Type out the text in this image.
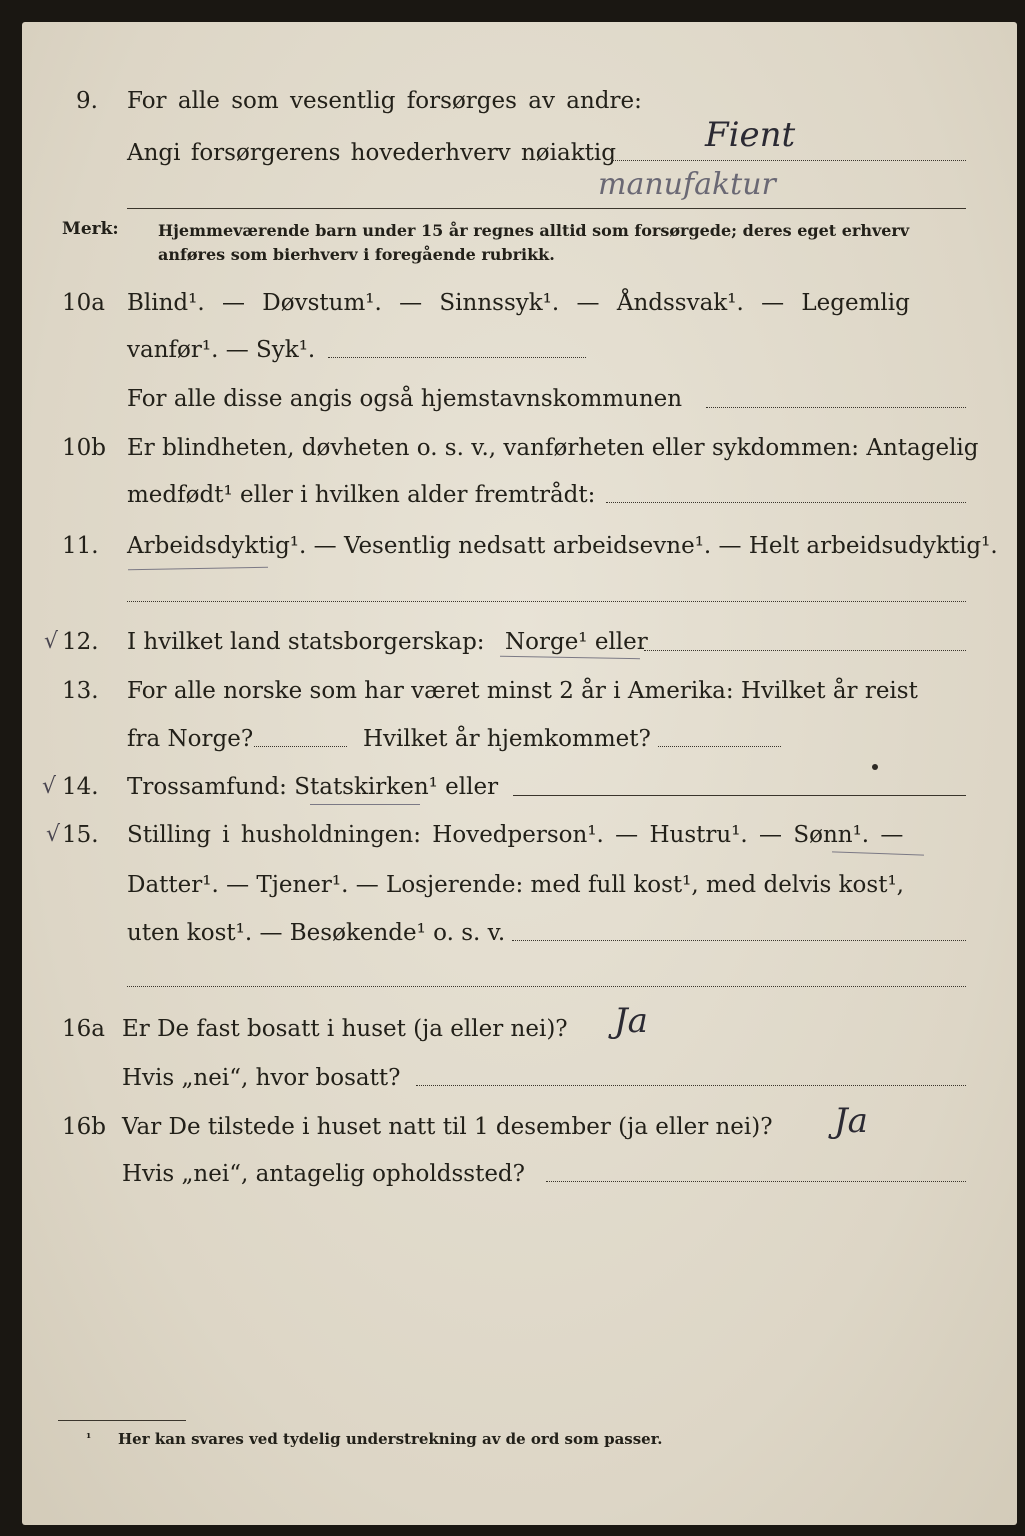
9. For alle som vesentlig forsørges av andre:
Angi forsørgerens hovederhverv nøiaktig	Fient
manufaktur
Merk: Hjemmeværende barn under 15 år regnes alltid som forsørgede; deres eget erhverv
anføres som bierhverv i foregående rubrikk.
10a Blind¹. — Døvstum¹. — Sinnssyk¹. — Åndssvak¹. — Legemlig
vanfør¹. — Syk¹.
For alle disse angis også hjemstavnskommunen
10b Er blindheten, døvheten o. s. v., vanførheten eller sykdommen: Antagelig
medfødt¹ eller i hvilken alder fremtrådt:
11. Arbeidsdyktig¹. — Vesentlig nedsatt arbeidsevne¹. — Helt arbeidsudyktig¹.
√ 12. I hvilket land statsborgerskap: Norge¹ eller
13. For alle norske som har været minst 2 år i Amerika: Hvilket år reist
fra Norge?	Hvilket år hjemkommet?
√ 14. Trossamfund: Statskirken¹ eller
√ 15. Stilling i husholdningen: Hovedperson¹. — Hustru¹. — Sønn¹. —
Datter¹. — Tjener¹. — Losjerende: med full kost¹, med delvis kost¹,
uten kost¹. — Besøkende¹ o. s. v.
16a Er De fast bosatt i huset (ja eller nei)? Ja
Hvis „nei“, hvor bosatt?
16b Var De tilstede i huset natt til 1 desember (ja eller nei)? Ja
Hvis „nei“, antagelig opholdssted?
¹ Her kan svares ved tydelig understrekning av de ord som passer.
